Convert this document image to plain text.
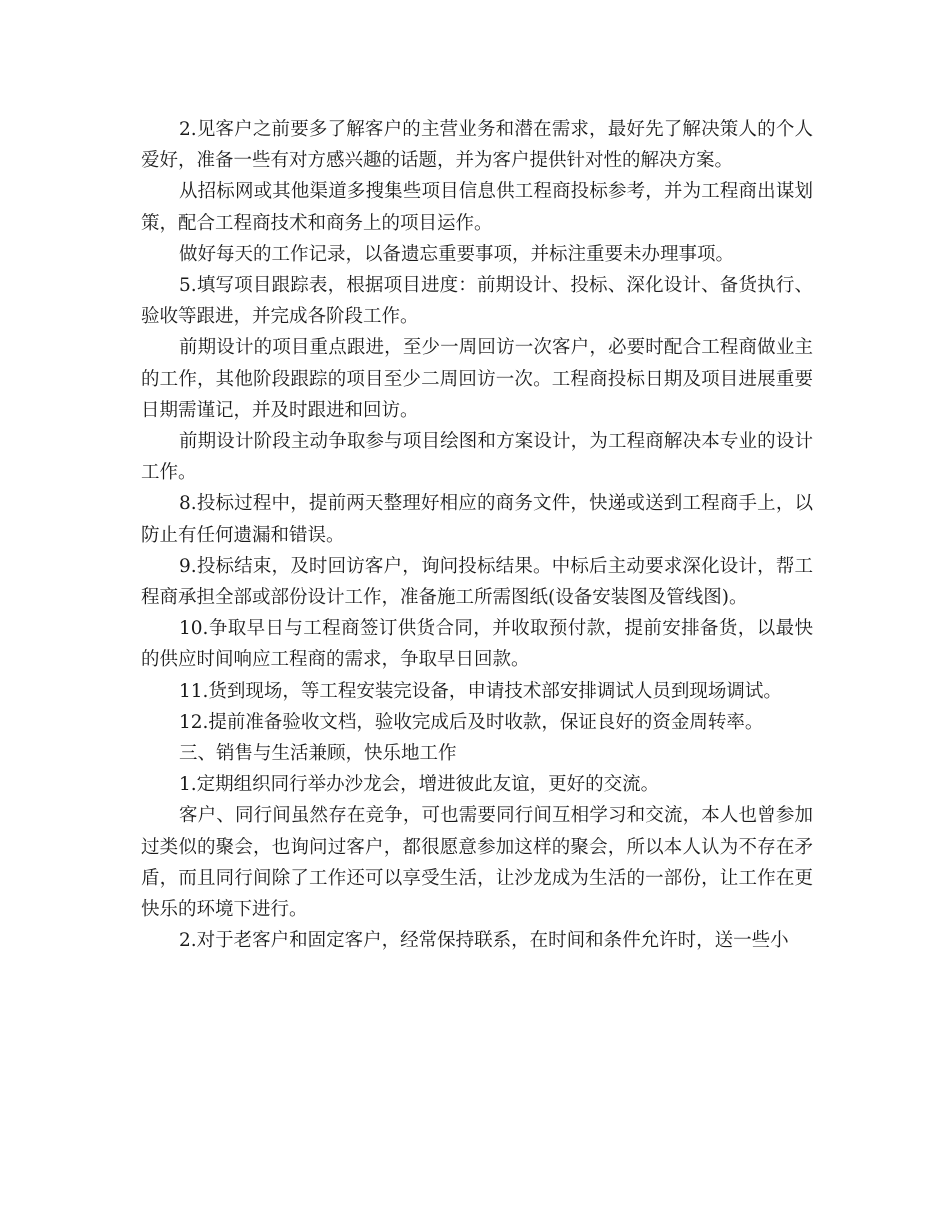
2.见客户之前要多了解客户的主营业务和潜在需求，最好先了解决策人的个人爱好，准备一些有对方感兴趣的话题，并为客户提供针对性的解决方案。

从招标网或其他渠道多搜集些项目信息供工程商投标参考，并为工程商出谋划策，配合工程商技术和商务上的项目运作。

做好每天的工作记录，以备遗忘重要事项，并标注重要未办理事项。

5.填写项目跟踪表，根据项目进度：前期设计、投标、深化设计、备货执行、验收等跟进，并完成各阶段工作。

前期设计的项目重点跟进，至少一周回访一次客户，必要时配合工程商做业主的工作，其他阶段跟踪的项目至少二周回访一次。工程商投标日期及项目进展重要日期需谨记，并及时跟进和回访。

前期设计阶段主动争取参与项目绘图和方案设计，为工程商解决本专业的设计工作。

8.投标过程中，提前两天整理好相应的商务文件，快递或送到工程商手上，以防止有任何遗漏和错误。

9.投标结束，及时回访客户，询问投标结果。中标后主动要求深化设计，帮工程商承担全部或部份设计工作，准备施工所需图纸(设备安装图及管线图)。

10.争取早日与工程商签订供货合同，并收取预付款，提前安排备货，以最快的供应时间响应工程商的需求，争取早日回款。

11.货到现场，等工程安装完设备，申请技术部安排调试人员到现场调试。

12.提前准备验收文档，验收完成后及时收款，保证良好的资金周转率。

三、销售与生活兼顾，快乐地工作

1.定期组织同行举办沙龙会，增进彼此友谊，更好的交流。

客户、同行间虽然存在竞争，可也需要同行间互相学习和交流，本人也曾参加过类似的聚会，也询问过客户，都很愿意参加这样的聚会，所以本人认为不存在矛盾，而且同行间除了工作还可以享受生活，让沙龙成为生活的一部份，让工作在更快乐的环境下进行。

2.对于老客户和固定客户，经常保持联系，在时间和条件允许时，送一些小
